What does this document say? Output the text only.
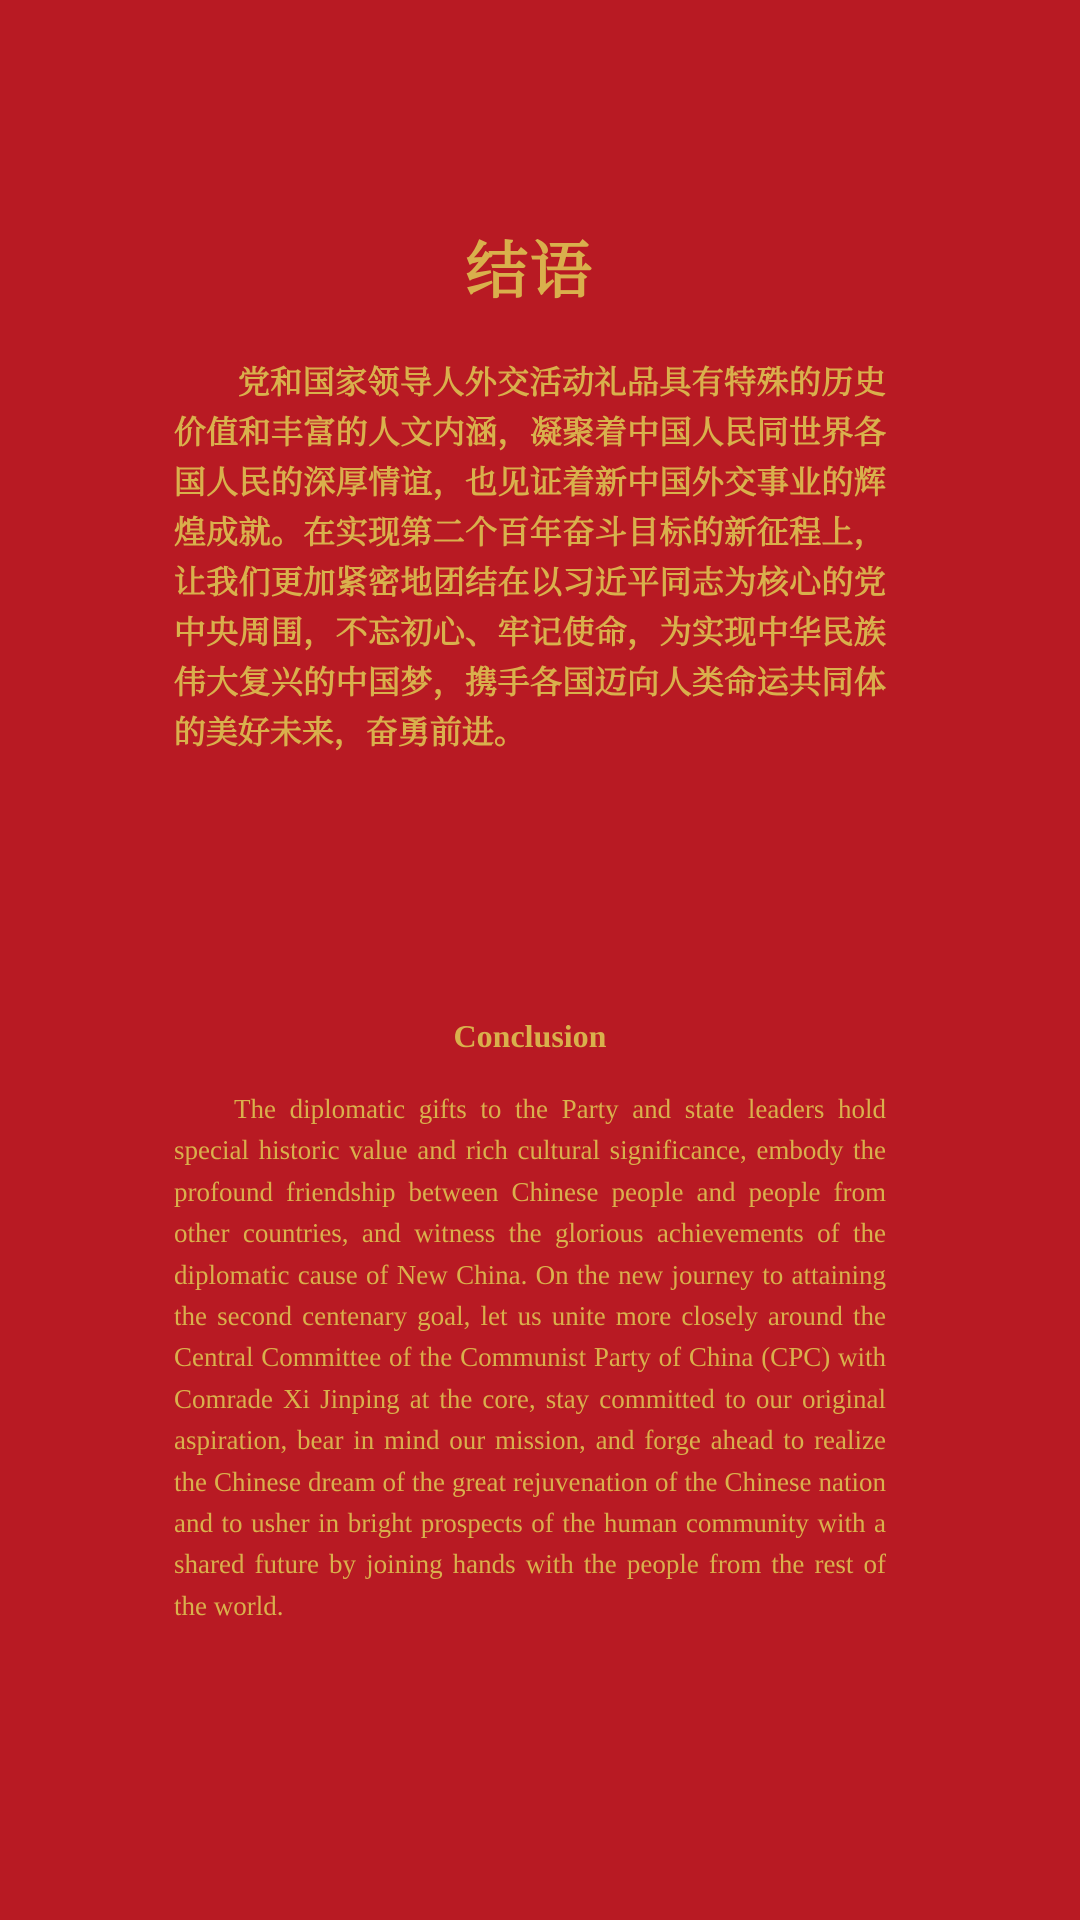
结语

党和国家领导人外交活动礼品具有特殊的历史价值和丰富的人文内涵，凝聚着中国人民同世界各国人民的深厚情谊，也见证着新中国外交事业的辉煌成就。在实现第二个百年奋斗目标的新征程上，让我们更加紧密地团结在以习近平同志为核心的党中央周围，不忘初心、牢记使命，为实现中华民族伟大复兴的中国梦，携手各国迈向人类命运共同体的美好未来，奋勇前进。

Conclusion

The diplomatic gifts to the Party and state leaders hold special historic value and rich cultural significance, embody the profound friendship between Chinese people and people from other countries, and witness the glorious achievements of the diplomatic cause of New China. On the new journey to attaining the second centenary goal, let us unite more closely around the Central Committee of the Communist Party of China (CPC) with Comrade Xi Jinping at the core, stay committed to our original aspiration, bear in mind our mission, and forge ahead to realize the Chinese dream of the great rejuvenation of the Chinese nation and to usher in bright prospects of the human community with a shared future by joining hands with the people from the rest of the world.
